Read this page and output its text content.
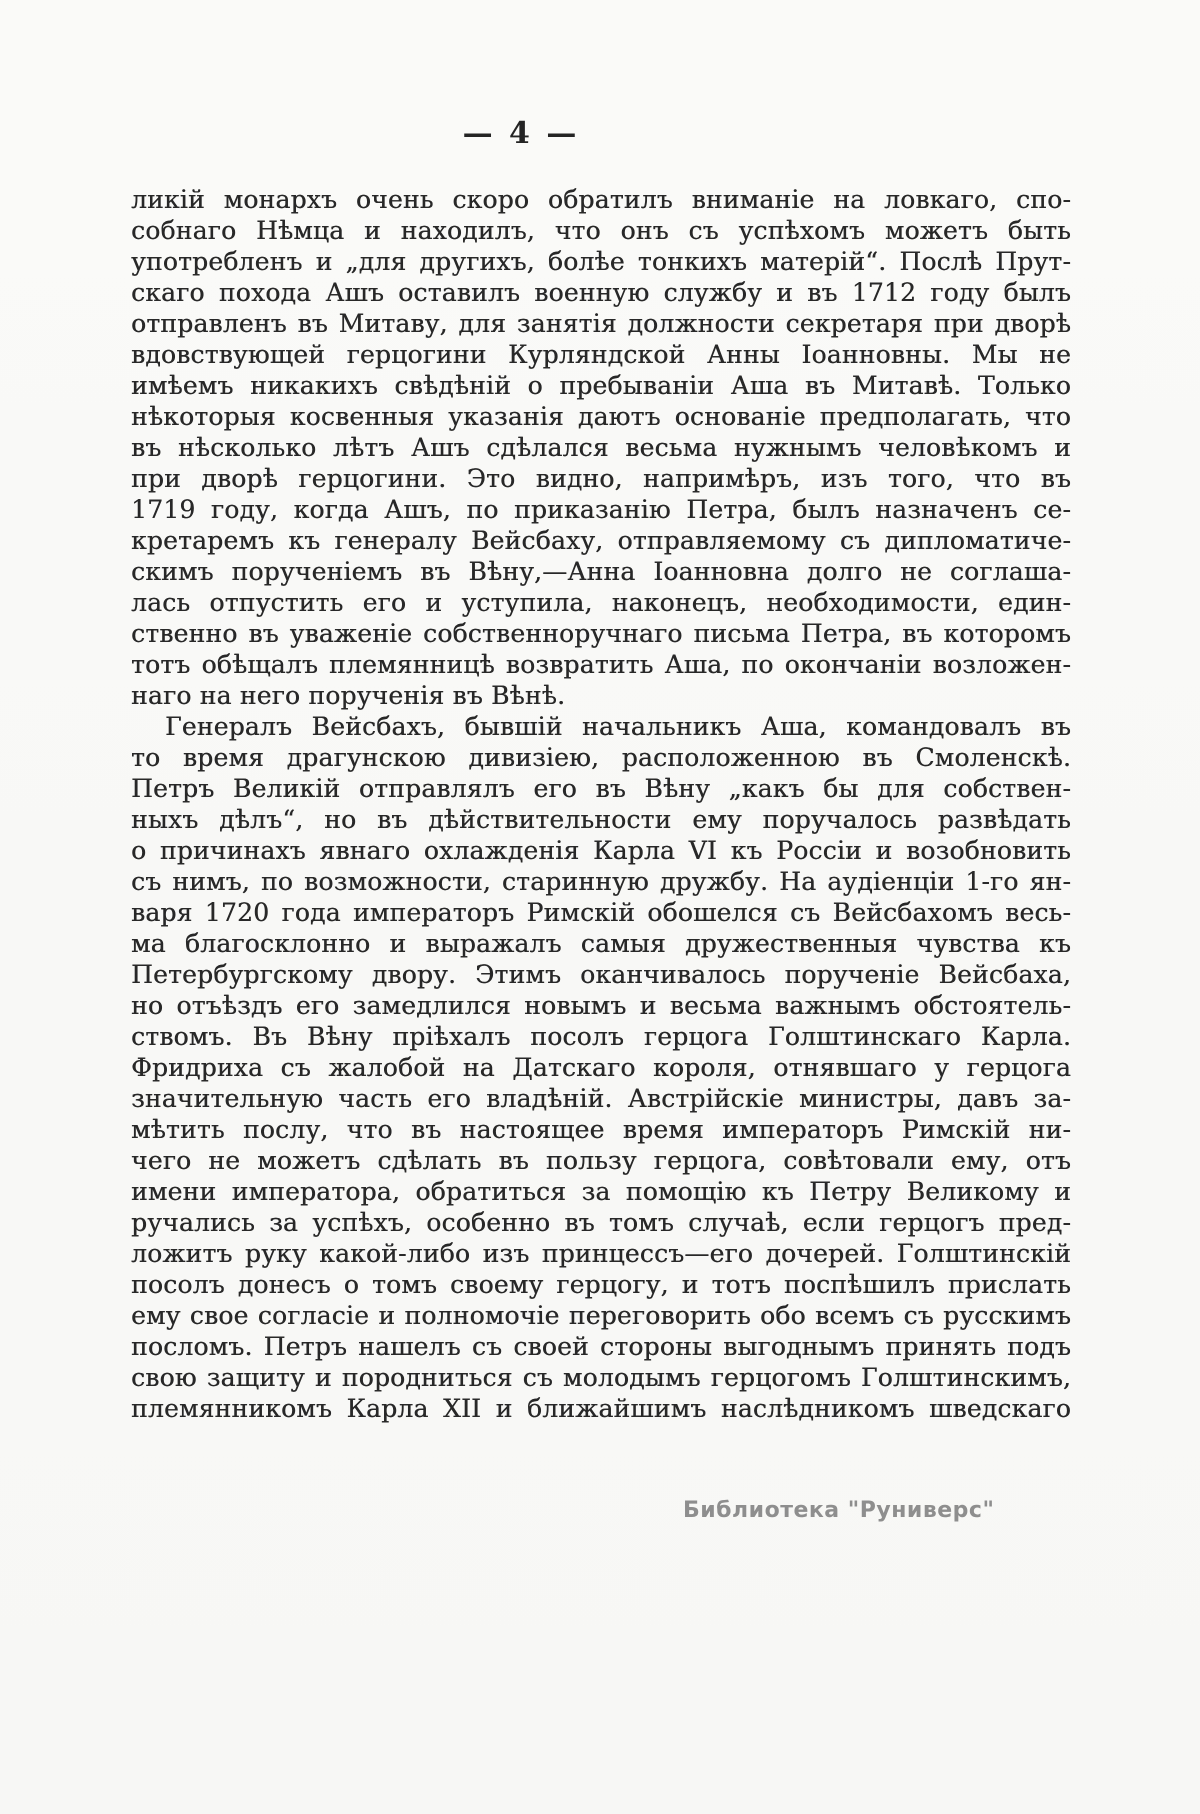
— 4 —
ликій монархъ очень скоро обратилъ вниманіе на ловкаго, спо-
собнаго Нѣмца и находилъ, что онъ съ успѣхомъ можетъ быть
употребленъ и „для другихъ, болѣе тонкихъ матерій“. Послѣ Прут-
скаго похода Ашъ оставилъ военную службу и въ 1712 году былъ
отправленъ въ Митаву, для занятія должности секретаря при дворѣ
вдовствующей герцогини Курляндской Анны Іоанновны. Мы не
имѣемъ никакихъ свѣдѣній о пребываніи Аша въ Митавѣ. Только
нѣкоторыя косвенныя указанія даютъ основаніе предполагать, что
въ нѣсколько лѣтъ Ашъ сдѣлался весьма нужнымъ человѣкомъ и
при дворѣ герцогини. Это видно, напримѣръ, изъ того, что въ
1719 году, когда Ашъ, по приказанію Петра, былъ назначенъ се-
кретаремъ къ генералу Вейсбаху, отправляемому съ дипломатиче-
скимъ порученіемъ въ Вѣну,—Анна Іоанновна долго не соглаша-
лась отпустить его и уступила, наконецъ, необходимости, един-
ственно въ уваженіе собственноручнаго письма Петра, въ которомъ
тотъ обѣщалъ племянницѣ возвратить Аша, по окончаніи возложен-
наго на него порученія въ Вѣнѣ.
Генералъ Вейсбахъ, бывшій начальникъ Аша, командовалъ въ
то время драгунскою дивизіею, расположенною въ Смоленскѣ.
Петръ Великій отправлялъ его въ Вѣну „какъ бы для собствен-
ныхъ дѣлъ“, но въ дѣйствительности ему поручалось развѣдать
о причинахъ явнаго охлажденія Карла VI къ Россіи и возобновить
съ нимъ, по возможности, старинную дружбу. На аудіенціи 1-го ян-
варя 1720 года императоръ Римскій обошелся съ Вейсбахомъ весь-
ма благосклонно и выражалъ самыя дружественныя чувства къ
Петербургскому двору. Этимъ оканчивалось порученіе Вейсбаха,
но отъѣздъ его замедлился новымъ и весьма важнымъ обстоятель-
ствомъ. Въ Вѣну пріѣхалъ посолъ герцога Голштинскаго Карла.
Фридриха съ жалобой на Датскаго короля, отнявшаго у герцога
значительную часть его владѣній. Австрійскіе министры, давъ за-
мѣтить послу, что въ настоящее время императоръ Римскій ни-
чего не можетъ сдѣлать въ пользу герцога, совѣтовали ему, отъ
имени императора, обратиться за помощію къ Петру Великому и
ручались за успѣхъ, особенно въ томъ случаѣ, если герцогъ пред-
ложитъ руку какой-либо изъ принцессъ—его дочерей. Голштинскій
посолъ донесъ о томъ своему герцогу, и тотъ поспѣшилъ прислать
ему свое согласіе и полномочіе переговорить обо всемъ съ русскимъ
посломъ. Петръ нашелъ съ своей стороны выгоднымъ принять подъ
свою защиту и породниться съ молодымъ герцогомъ Голштинскимъ,
племянникомъ Карла XII и ближайшимъ наслѣдникомъ шведскаго
Библиотека "Руниверс"
